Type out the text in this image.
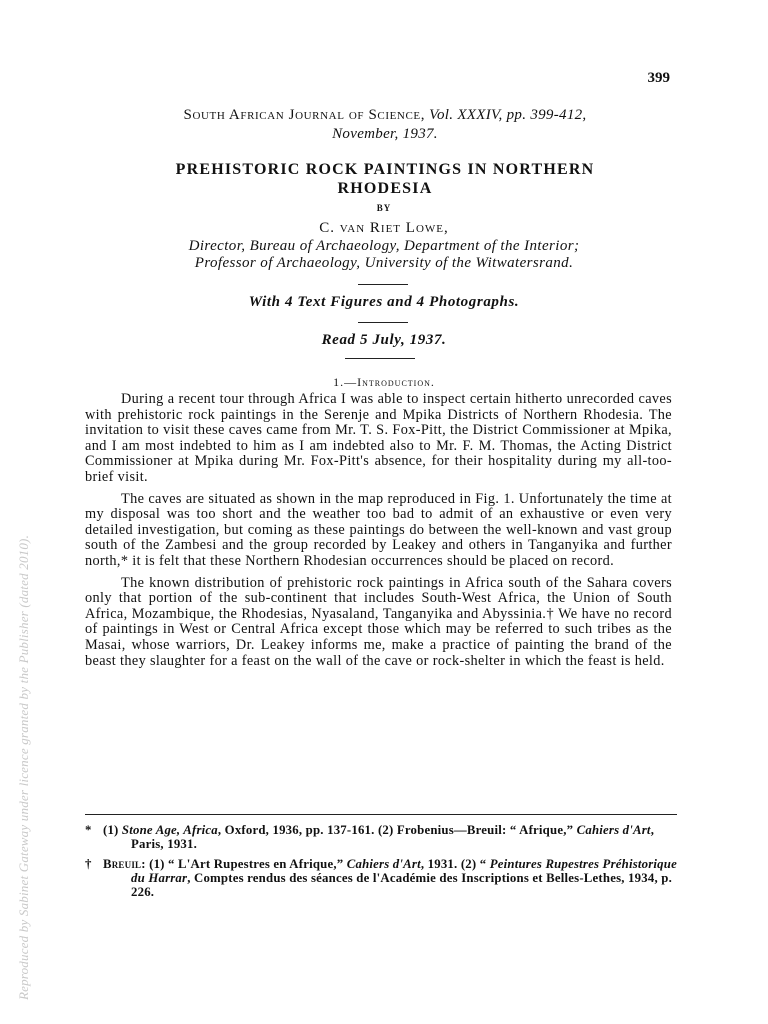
399
South African Journal of Science, Vol. XXXIV, pp. 399-412,
November, 1937.
PREHISTORIC ROCK PAINTINGS IN NORTHERN
RHODESIA
BY
C. van Riet Lowe,
Director, Bureau of Archaeology, Department of the Interior;
Professor of Archaeology, University of the Witwatersrand.
With 4 Text Figures and 4 Photographs.
Read 5 July, 1937.
1.—Introduction.

During a recent tour through Africa I was able to inspect certain hitherto unrecorded caves with prehistoric rock paintings in the Serenje and Mpika Districts of Northern Rhodesia. The invitation to visit these caves came from Mr. T. S. Fox-Pitt, the District Commissioner at Mpika, and I am most indebted to him as I am indebted also to Mr. F. M. Thomas, the Acting District Commissioner at Mpika during Mr. Fox-Pitt's absence, for their hospitality during my all-too-brief visit.

The caves are situated as shown in the map reproduced in Fig. 1. Unfortunately the time at my disposal was too short and the weather too bad to admit of an exhaustive or even very detailed investigation, but coming as these paintings do between the well-known and vast group south of the Zambesi and the group recorded by Leakey and others in Tanganyika and further north,* it is felt that these Northern Rhodesian occurrences should be placed on record.

The known distribution of prehistoric rock paintings in Africa south of the Sahara covers only that portion of the sub-continent that includes South-West Africa, the Union of South Africa, Mozambique, the Rhodesias, Nyasaland, Tanganyika and Abyssinia.† We have no record of paintings in West or Central Africa except those which may be referred to such tribes as the Masai, whose warriors, Dr. Leakey informs me, make a practice of painting the brand of the beast they slaughter for a feast on the wall of the cave or rock-shelter in which the feast is held.

* (1) Stone Age, Africa, Oxford, 1936, pp. 137-161. (2) Frobenius—Breuil: “ Afrique,” Cahiers d'Art, Paris, 1931.

† Breuil: (1) “ L'Art Rupestres en Afrique,” Cahiers d'Art, 1931. (2) “ Peintures Rupestres Préhistorique du Harrar, Comptes rendus des séances de l'Académie des Inscriptions et Belles-Lethes, 1934, p. 226.

Reproduced by Sabinet Gateway under licence granted by the Publisher (dated 2010).
